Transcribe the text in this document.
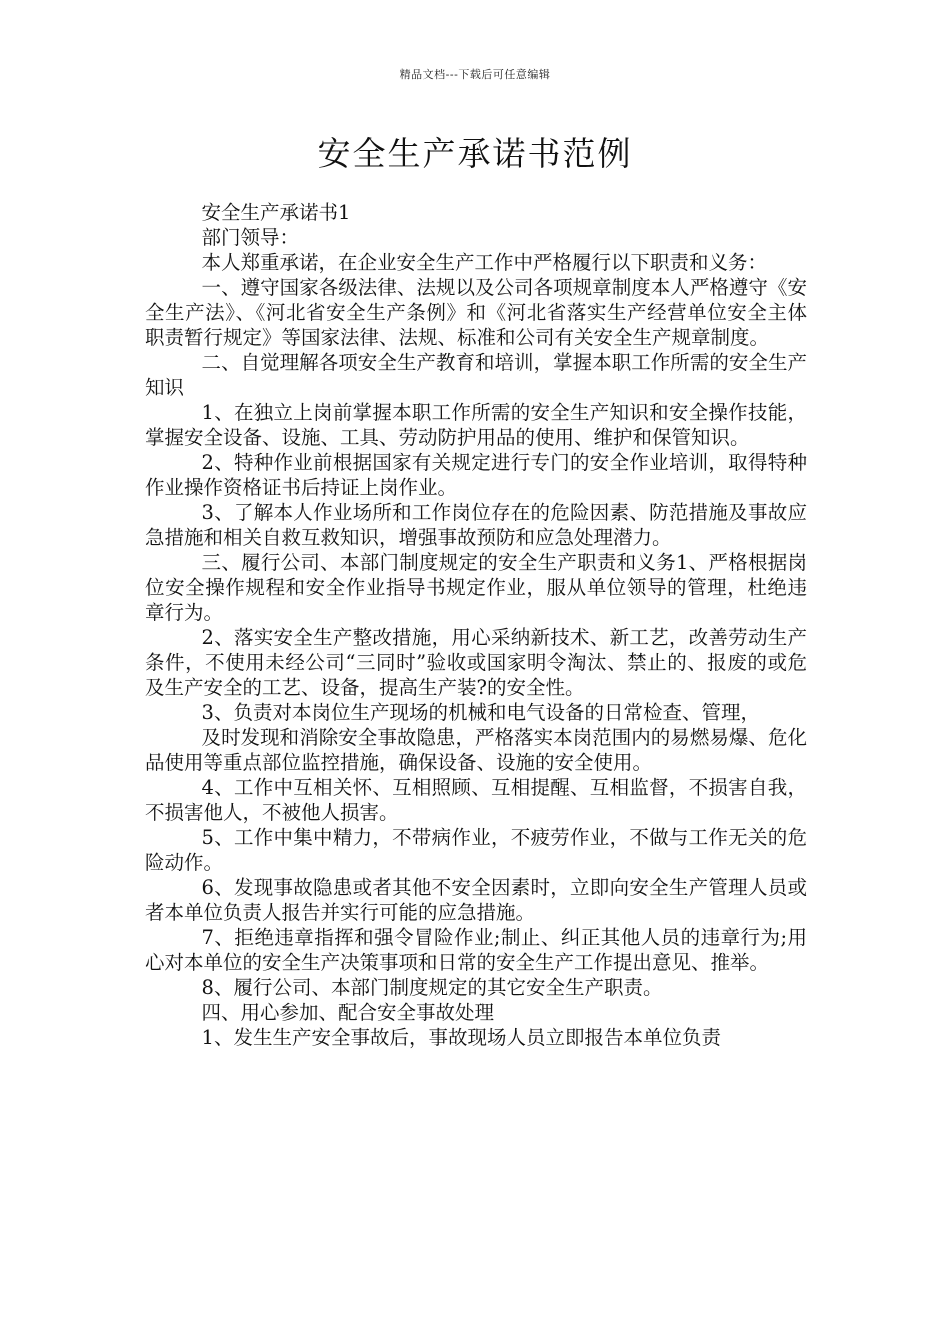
精品文档---下载后可任意编辑
安全生产承诺书范例

安全生产承诺书1

部门领导：

本人郑重承诺，在企业安全生产工作中严格履行以下职责和义务：

一、遵守国家各级法律、法规以及公司各项规章制度本人严格遵守《安全生产法》、《河北省安全生产条例》和《河北省落实生产经营单位安全主体职责暂行规定》等国家法律、法规、标准和公司有关安全生产规章制度。

二、自觉理解各项安全生产教育和培训，掌握本职工作所需的安全生产知识

1、在独立上岗前掌握本职工作所需的安全生产知识和安全操作技能，掌握安全设备、设施、工具、劳动防护用品的使用、维护和保管知识。

2、特种作业前根据国家有关规定进行专门的安全作业培训，取得特种作业操作资格证书后持证上岗作业。

3、了解本人作业场所和工作岗位存在的危险因素、防范措施及事故应急措施和相关自救互救知识，增强事故预防和应急处理潜力。

三、履行公司、本部门制度规定的安全生产职责和义务1、严格根据岗位安全操作规程和安全作业指导书规定作业，服从单位领导的管理，杜绝违章行为。

2、落实安全生产整改措施，用心采纳新技术、新工艺，改善劳动生产条件，不使用未经公司“三同时”验收或国家明令淘汰、禁止的、报废的或危及生产安全的工艺、设备，提高生产装?的安全性。

3、负责对本岗位生产现场的机械和电气设备的日常检查、管理，

及时发现和消除安全事故隐患，严格落实本岗范围内的易燃易爆、危化品使用等重点部位监控措施，确保设备、设施的安全使用。

4、工作中互相关怀、互相照顾、互相提醒、互相监督，不损害自我，不损害他人，不被他人损害。

5、工作中集中精力，不带病作业，不疲劳作业，不做与工作无关的危险动作。

6、发现事故隐患或者其他不安全因素时，立即向安全生产管理人员或者本单位负责人报告并实行可能的应急措施。

7、拒绝违章指挥和强令冒险作业;制止、纠正其他人员的违章行为;用心对本单位的安全生产决策事项和日常的安全生产工作提出意见、推举。

8、履行公司、本部门制度规定的其它安全生产职责。

四、用心参加、配合安全事故处理

1、发生生产安全事故后，事故现场人员立即报告本单位负责
